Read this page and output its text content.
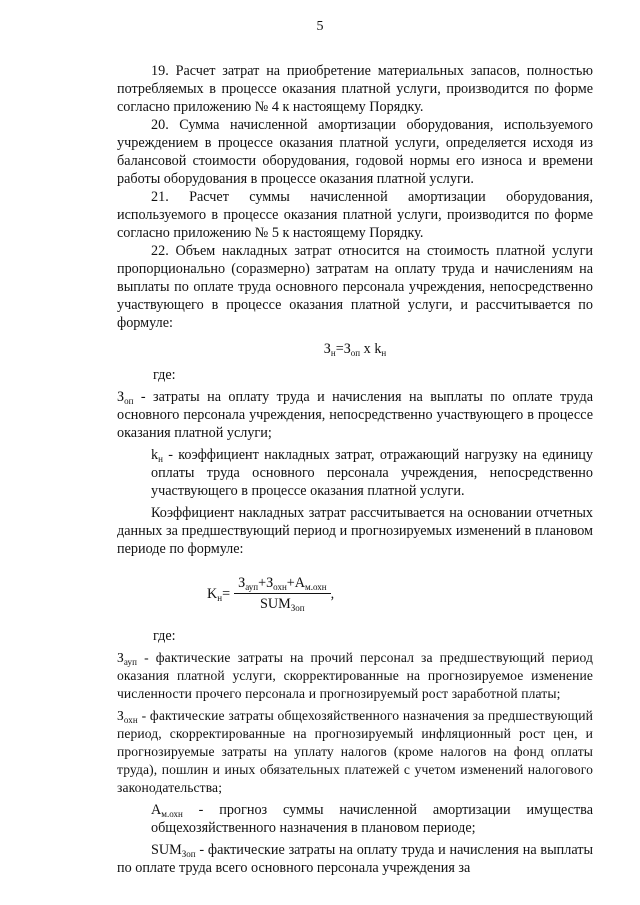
5

19. Расчет затрат на приобретение материальных запасов, полностью потребляемых в процессе оказания платной услуги, производится по форме согласно приложению № 4 к настоящему Порядку.

20. Сумма начисленной амортизации оборудования, используемого учреждением в процессе оказания платной услуги, определяется исходя из балансовой стоимости оборудования, годовой нормы его износа и времени работы оборудования в процессе оказания платной услуги.

21. Расчет суммы начисленной амортизации оборудования, используемого в процессе оказания платной услуги, производится по форме согласно приложению № 5 к настоящему Порядку.

22. Объем накладных затрат относится на стоимость платной услуги пропорционально (соразмерно) затратам на оплату труда и начислениям на выплаты по оплате труда основного персонала учреждения, непосредственно участвующего в процессе оказания платной услуги, и рассчитывается по формуле:

$З_н=З_{оп}$ x $k_н$

где:

$З_{оп}$ - затраты на оплату труда и начисления на выплаты по оплате труда основного персонала учреждения, непосредственно участвующего в процессе оказания платной услуги;

$k_н$ - коэффициент накладных затрат, отражающий нагрузку на единицу оплаты труда основного персонала учреждения, непосредственно участвующего в процессе оказания платной услуги.

Коэффициент накладных затрат рассчитывается на основании отчетных данных за предшествующий период и прогнозируемых изменений в плановом периоде по формуле:

$K_н= \frac{З_{ауп}+З_{охн}+A_{м.охн}}{SUM_{Зоп}}$ ,

где:

$З_{ауп}$ - фактические затраты на прочий персонал за предшествующий период оказания платной услуги, скорректированные на прогнозируемое изменение численности прочего персонала и прогнозируемый рост заработной платы;

$З_{охн}$ - фактические затраты общехозяйственного назначения за предшествующий период, скорректированные на прогнозируемый инфляционный рост цен, и прогнозируемые затраты на уплату налогов (кроме налогов на фонд оплаты труда), пошлин и иных обязательных платежей с учетом изменений налогового законодательства;

$A_{м.охн}$ - прогноз суммы начисленной амортизации имущества общехозяйственного назначения в плановом периоде;

$SUM_{Зоп}$ - фактические затраты на оплату труда и начисления на выплаты по оплате труда всего основного персонала учреждения за
